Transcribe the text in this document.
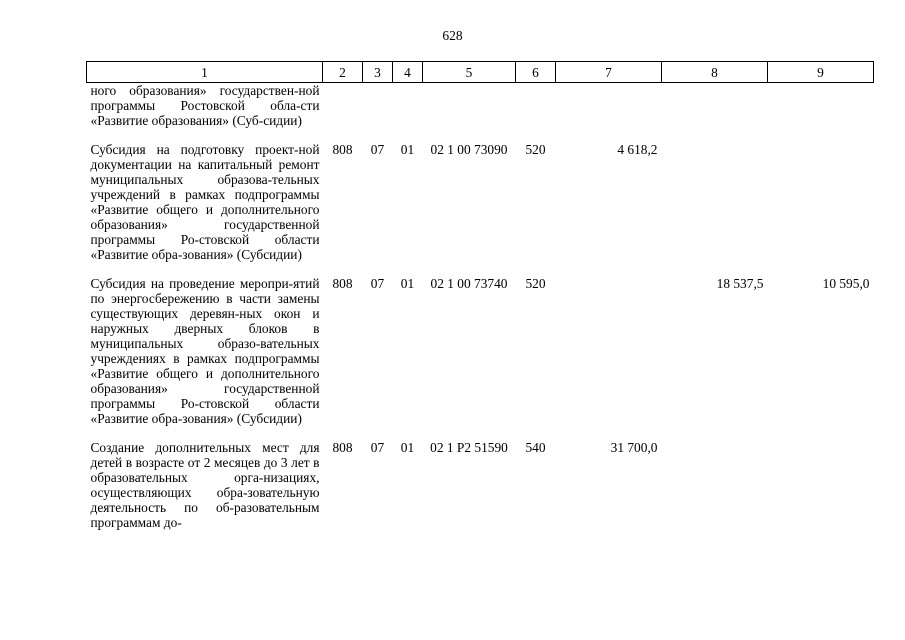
628
1	2	3	4	5	6	7	8	9
ного образования» государствен-ной программы Ростовской обла-сти «Развитие образования» (Суб-сидии)								
Субсидия на подготовку проект-ной документации на капитальный ремонт муниципальных образова-тельных учреждений в рамках подпрограммы «Развитие общего и дополнительного образования» государственной программы Ро-стовской области «Развитие обра-зования» (Субсидии)	808	07	01	02 1 00 73090	520	4 618,2		
Субсидия на проведение меропри-ятий по энергосбережению в части замены существующих деревян-ных окон и наружных дверных блоков в муниципальных образо-вательных учреждениях в рамках подпрограммы «Развитие общего и дополнительного образования» государственной программы Ро-стовской области «Развитие обра-зования» (Субсидии)	808	07	01	02 1 00 73740	520		18 537,5	10 595,0
Создание дополнительных мест для детей в возрасте от 2 месяцев до 3 лет в образовательных орга-низациях, осуществляющих обра-зовательную деятельность по об-разовательным программам до-	808	07	01	02 1 P2 51590	540	31 700,0		
